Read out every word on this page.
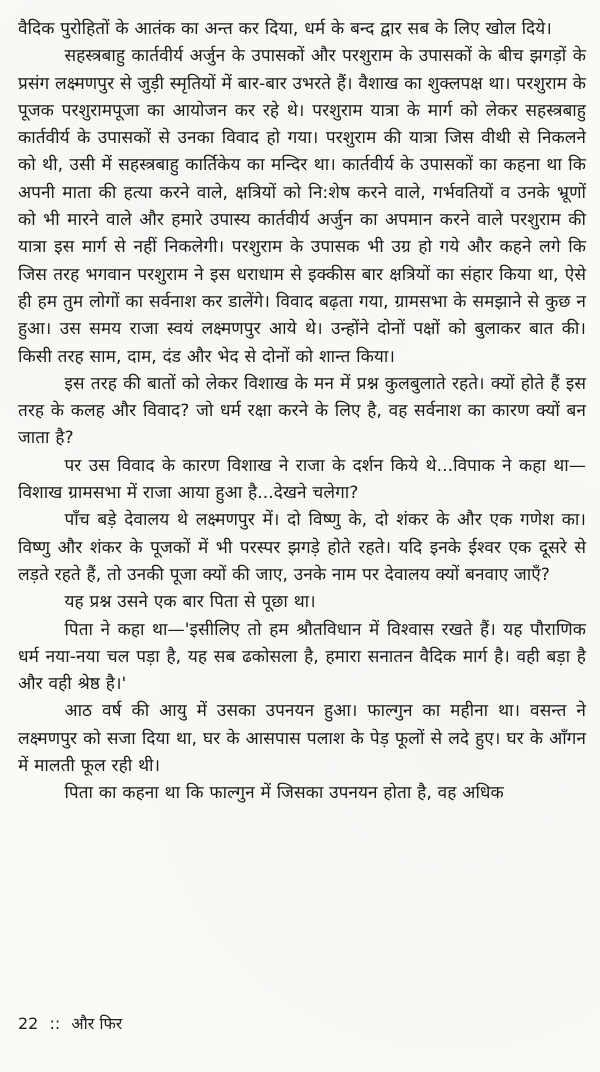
वैदिक पुरोहितों के आतंक का अन्त कर दिया, धर्म के बन्द द्वार सब के लिए खोल दिये।

सहस्त्रबाहु कार्तवीर्य अर्जुन के उपासकों और परशुराम के उपासकों के बीच झगड़ों के प्रसंग लक्ष्मणपुर से जुड़ी स्मृतियों में बार-बार उभरते हैं। वैशाख का शुक्लपक्ष था। परशुराम के पूजक परशुरामपूजा का आयोजन कर रहे थे। परशुराम यात्रा के मार्ग को लेकर सहस्त्रबाहु कार्तवीर्य के उपासकों से उनका विवाद हो गया। परशुराम की यात्रा जिस वीथी से निकलने को थी, उसी में सहस्त्रबाहु कार्तिकेय का मन्दिर था। कार्तवीर्य के उपासकों का कहना था कि अपनी माता की हत्या करने वाले, क्षत्रियों को नि:शेष करने वाले, गर्भवतियों व उनके भ्रूणों को भी मारने वाले और हमारे उपास्य कार्तवीर्य अर्जुन का अपमान करने वाले परशुराम की यात्रा इस मार्ग से नहीं निकलेगी। परशुराम के उपासक भी उग्र हो गये और कहने लगे कि जिस तरह भगवान परशुराम ने इस धराधाम से इक्कीस बार क्षत्रियों का संहार किया था, ऐसे ही हम तुम लोगों का सर्वनाश कर डालेंगे। विवाद बढ़ता गया, ग्रामसभा के समझाने से कुछ न हुआ। उस समय राजा स्वयं लक्ष्मणपुर आये थे। उन्होंने दोनों पक्षों को बुलाकर बात की। किसी तरह साम, दाम, दंड और भेद से दोनों को शान्त किया।

इस तरह की बातों को लेकर विशाख के मन में प्रश्न कुलबुलाते रहते। क्यों होते हैं इस तरह के कलह और विवाद? जो धर्म रक्षा करने के लिए है, वह सर्वनाश का कारण क्यों बन जाता है?

पर उस विवाद के कारण विशाख ने राजा के दर्शन किये थे...विपाक ने कहा था—विशाख ग्रामसभा में राजा आया हुआ है...देखने चलेगा?

पाँच बड़े देवालय थे लक्ष्मणपुर में। दो विष्णु के, दो शंकर के और एक गणेश का। विष्णु और शंकर के पूजकों में भी परस्पर झगड़े होते रहते। यदि इनके ईश्वर एक दूसरे से लड़ते रहते हैं, तो उनकी पूजा क्यों की जाए, उनके नाम पर देवालय क्यों बनवाए जाएँ?

यह प्रश्न उसने एक बार पिता से पूछा था।

पिता ने कहा था—'इसीलिए तो हम श्रौतविधान में विश्वास रखते हैं। यह पौराणिक धर्म नया-नया चल पड़ा है, यह सब ढकोसला है, हमारा सनातन वैदिक मार्ग है। वही बड़ा है और वही श्रेष्ठ है।'

आठ वर्ष की आयु में उसका उपनयन हुआ। फाल्गुन का महीना था। वसन्त ने लक्ष्मणपुर को सजा दिया था, घर के आसपास पलाश के पेड़ फूलों से लदे हुए। घर के आँगन में मालती फूल रही थी।

पिता का कहना था कि फाल्गुन में जिसका उपनयन होता है, वह अधिक

22 :: और फिर
